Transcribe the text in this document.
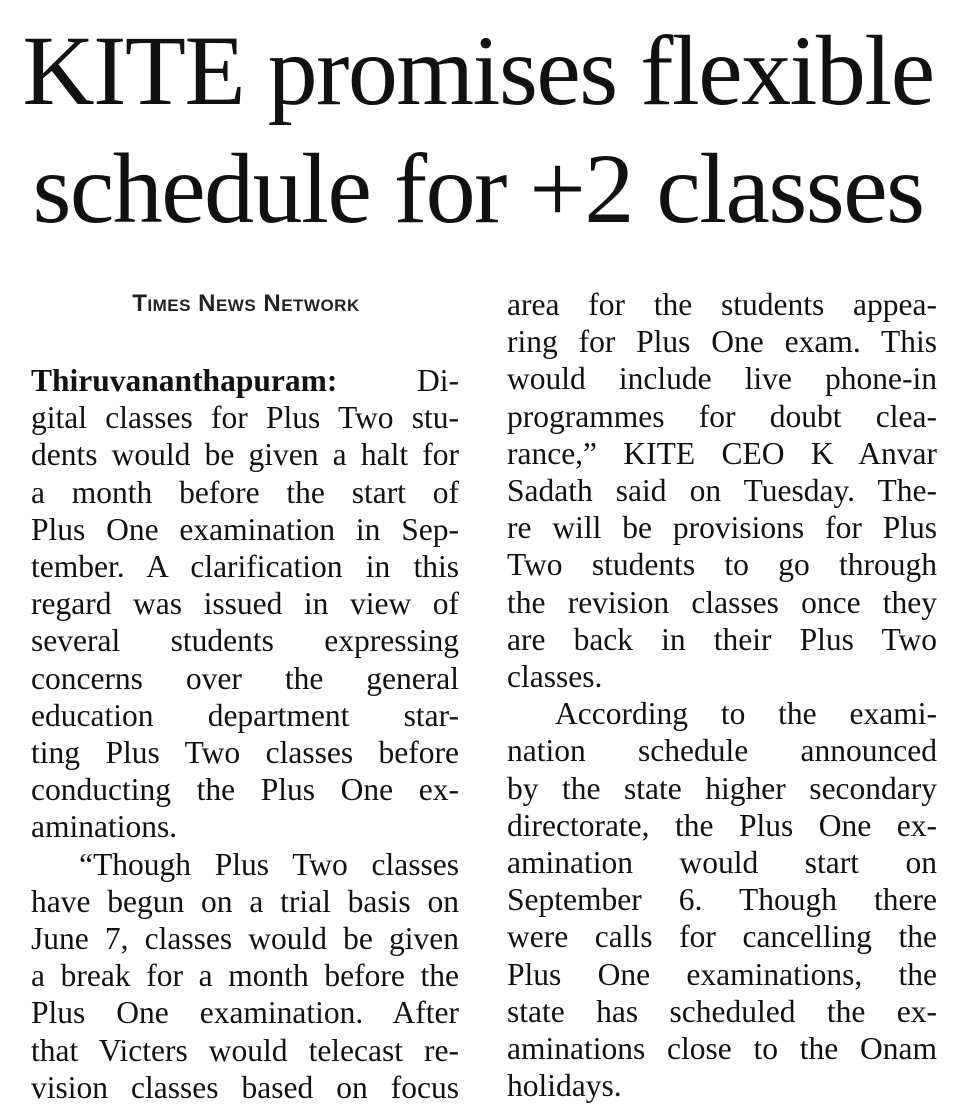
KITE promises flexible
schedule for +2 classes
Times News Network
Thiruvananthapuram: Di-
gital classes for Plus Two stu-
dents would be given a halt for
a month before the start of
Plus One examination in Sep-
tember. A clarification in this
regard was issued in view of
several students expressing
concerns over the general
education department star-
ting Plus Two classes before
conducting the Plus One ex-
aminations.
“Though Plus Two classes
have begun on a trial basis on
June 7, classes would be given
a break for a month before the
Plus One examination. After
that Victers would telecast re-
vision classes based on focus
area for the students appea-
ring for Plus One exam. This
would include live phone-in
programmes for doubt clea-
rance,” KITE CEO K Anvar
Sadath said on Tuesday. The-
re will be provisions for Plus
Two students to go through
the revision classes once they
are back in their Plus Two
classes.
According to the exami-
nation schedule announced
by the state higher secondary
directorate, the Plus One ex-
amination would start on
September 6. Though there
were calls for cancelling the
Plus One examinations, the
state has scheduled the ex-
aminations close to the Onam
holidays.
